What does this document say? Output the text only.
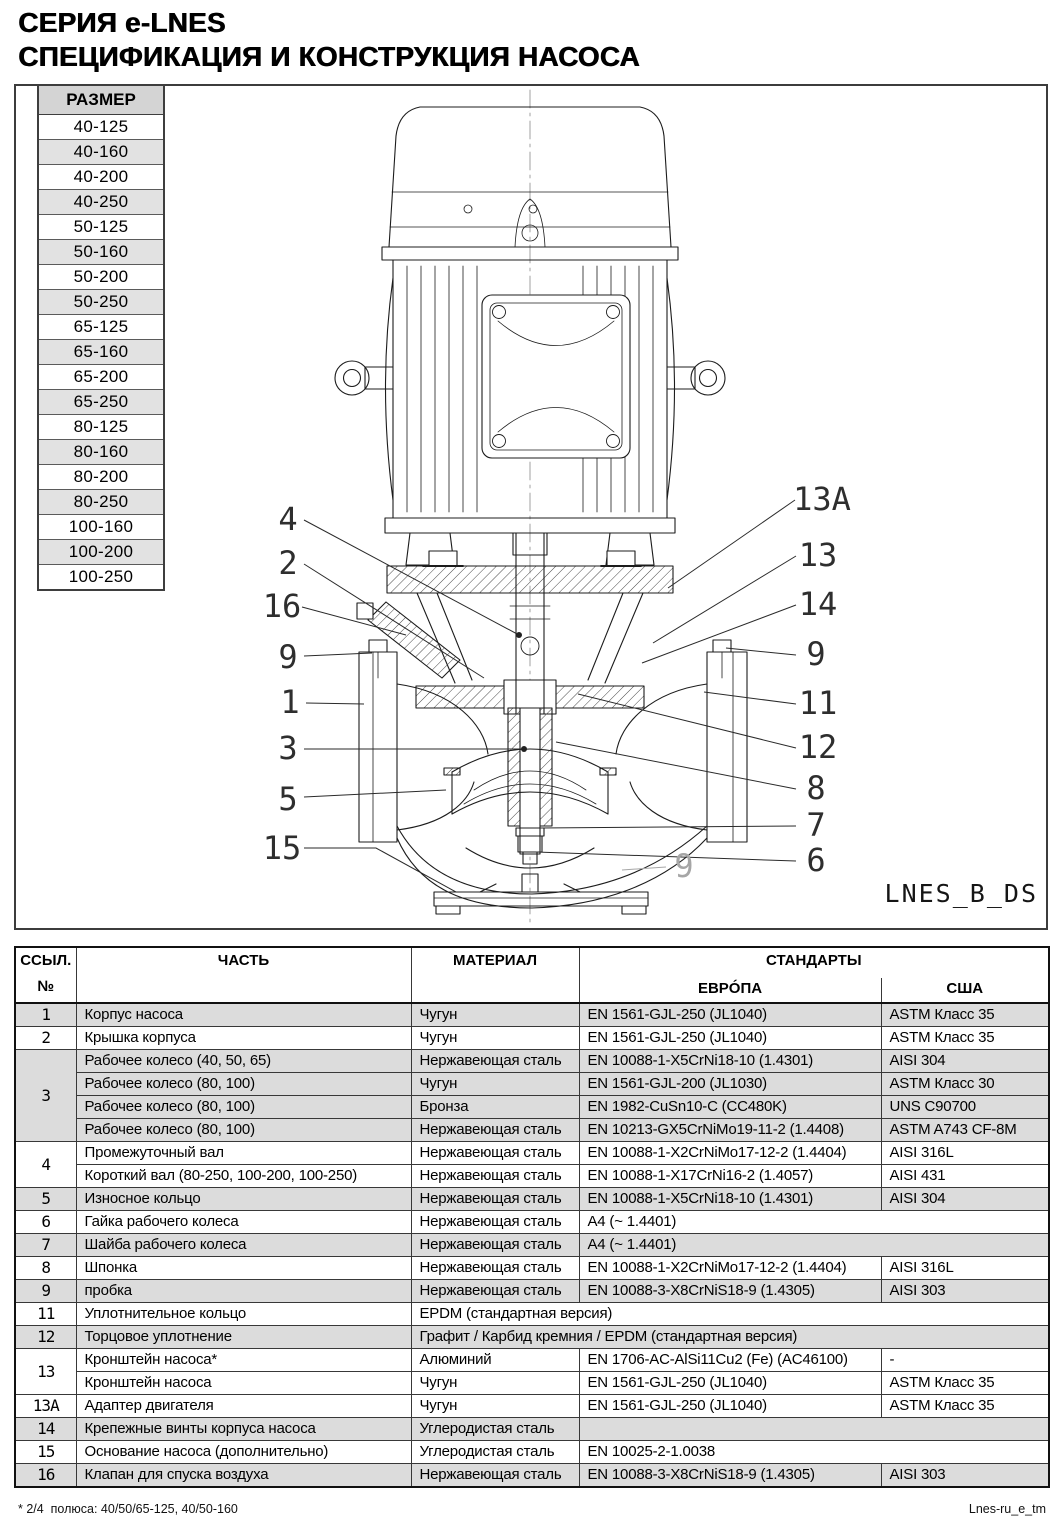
СЕРИЯ e-LNES
СПЕЦИФИКАЦИЯ И КОНСТРУКЦИЯ НАСОСА
4
2
16
9
1
3
5
15
13A
13
14
9
11
12
8
7
6
9
LNES_B_DS
РАЗМЕР
40-125
40-160
40-200
40-250
50-125
50-160
50-200
50-250
65-125
65-160
65-200
65-250
80-125
80-160
80-200
80-250
100-160
100-200
100-250
ССЫЛ.
№	ЧАСТЬ	МАТЕРИАЛ	СТАНДАРТЫ	
			ЕВРÓПА	США
1	Корпус насоса	Чугун	EN 1561-GJL-250 (JL1040)	ASTM Класс 35
2	Крышка корпуса	Чугун	EN 1561-GJL-250 (JL1040)	ASTM Класс 35
3	Рабочее колесо (40, 50, 65)	Нержавеющая сталь	EN 10088-1-X5CrNi18-10 (1.4301)	AISI 304
	Рабочее колесо (80, 100)	Чугун	EN 1561-GJL-200 (JL1030)	ASTM Класс 30
	Рабочее колесо (80, 100)	Бронза	EN 1982-CuSn10-C (CC480K)	UNS C90700
	Рабочее колесо (80, 100)	Нержавеющая сталь	EN 10213-GX5CrNiMo19-11-2 (1.4408)	ASTM A743 CF-8M
4	Промежуточный вал	Нержавеющая сталь	EN 10088-1-X2CrNiMo17-12-2 (1.4404)	AISI 316L
	Короткий вал (80-250, 100-200, 100-250)	Нержавеющая сталь	EN 10088-1-X17CrNi16-2 (1.4057)	AISI 431
5	Износное кольцо	Нержавеющая сталь	EN 10088-1-X5CrNi18-10 (1.4301)	AISI 304
6	Гайка рабочего колеса	Нержавеющая сталь	A4 (~ 1.4401)	
7	Шайба рабочего колеса	Нержавеющая сталь	A4 (~ 1.4401)	
8	Шпонка	Нержавеющая сталь	EN 10088-1-X2CrNiMo17-12-2 (1.4404)	AISI 316L
9	пробка	Нержавеющая сталь	EN 10088-3-X8CrNiS18-9 (1.4305)	AISI 303
11	Уплотнительное кольцо	EPDM (стандартная версия)		
12	Торцовое уплотнение	Графит / Карбид кремния / EPDM (стандартная версия)		
13	Кронштейн насоса*	Алюминий	EN 1706-AC-AlSi11Cu2 (Fe) (AC46100)	-
	Кронштейн насоса	Чугун	EN 1561-GJL-250 (JL1040)	ASTM Класс 35
13A	Адаптер двигателя	Чугун	EN 1561-GJL-250 (JL1040)	ASTM Класс 35
14	Крепежные винты корпуса насоса	Углеродистая сталь		
15	Основание насоса (дополнительно)	Углеродистая сталь	EN 10025-2-1.0038	
16	Клапан для спуска воздуха	Нержавеющая сталь	EN 10088-3-X8CrNiS18-9 (1.4305)	AISI 303
* 2/4  полюса: 40/50/65-125, 40/50-160	Lnes-ru_e_tm
